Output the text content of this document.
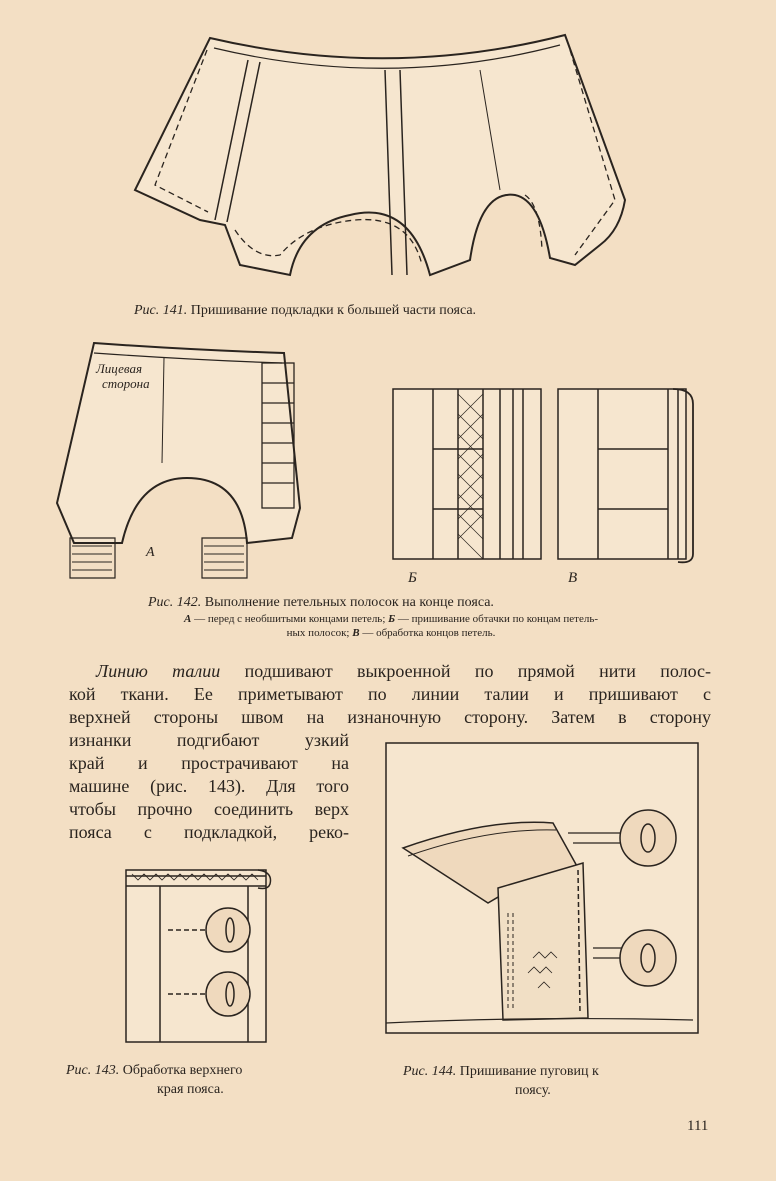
Рис. 141. Пришивание подкладки к большей части пояса.
Лицевая
сторона
А
Б	В
Рис. 142. Выполнение петельных полосок на конце пояса.
А — перед с необшитыми концами петель; Б — пришивание обтачки по концам петель-
ных полосок; В — обработка концов петель.
Линию талии подшивают выкроенной по прямой нити полос-
кой ткани. Ее приметывают по линии талии и пришивают с
верхней стороны швом на изнаночную сторону. Затем в сторону
изнанки подгибают узкий
край и прострачивают на
машине (рис. 143). Для того
чтобы прочно соединить верх
пояса с подкладкой, реко-
Рис. 143. Обработка верхнего
края пояса.
Рис. 144. Пришивание пуговиц к
поясу.
111
